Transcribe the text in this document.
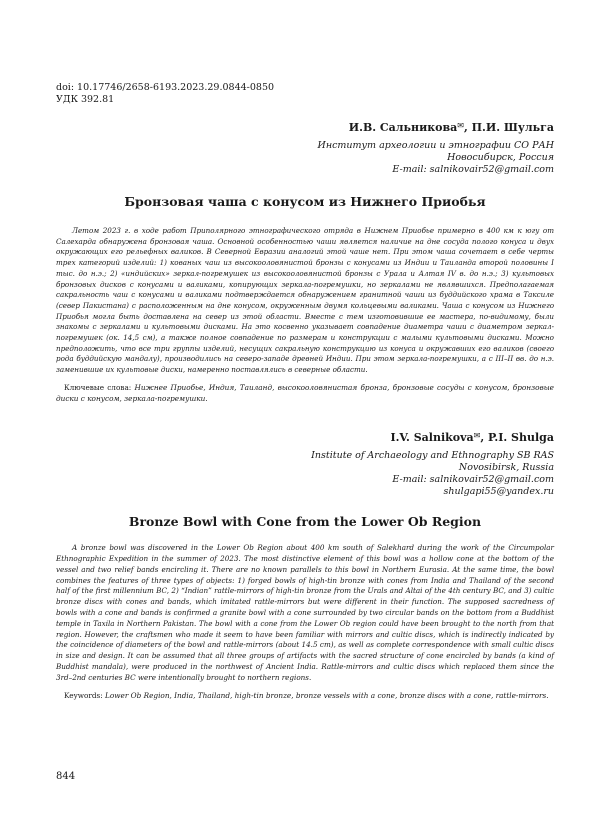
doi: 10.17746/2658-6193.2023.29.0844-0850
УДК 392.81
И.В. Сальникова✉, П.И. Шульга
Институт археологии и этнографии СО РАН
Новосибирск, Россия
E-mail: salnikovair52@gmail.com
Бронзовая чаша с конусом из Нижнего Приобья
Летом 2023 г. в ходе работ Приполярного этнографического отряда в Нижнем Приобье примерно в 400 км к югу от Салехарда обнаружена бронзовая чаша. Основной особенностью чаши является наличие на дне сосуда полого конуса и двух окружающих его рельефных валиков. В Северной Евразии аналогий этой чаше нет. При этом чаша сочетает в себе черты трех категорий изделий: 1) кованых чаш из высокооловянистой бронзы с конусами из Индии и Таиланда второй половины I тыс. до н.э.; 2) «индийских» зеркал-погремушек из высокооловянистой бронзы с Урала и Алтая IV в. до н.э.; 3) культовых бронзовых дисков с конусами и валиками, копирующих зеркала-погремушки, но зеркалами не являвшихся. Предполагаемая сакральность чаш с конусами и валиками подтверждается обнаружением гранитной чаши из буддийского храма в Таксиле (север Пакистана) с расположенным на дне конусом, окруженным двумя кольцевыми валиками. Чаша с конусом из Нижнего Приобья могла быть доставлена на север из этой области. Вместе с тем изготовившие ее мастера, по-видимому, были знакомы с зеркалами и культовыми дисками. На это косвенно указывает совпадение диаметра чаши с диаметром зеркал-погремушек (ок. 14,5 см), а также полное совпадение по размерам и конструкции с малыми культовыми дисками. Можно предположить, что все три группы изделий, несущих сакральную конструкцию из конуса и окружавших его валиков (своего рода буддийскую мандалу), производились на северо-западе древней Индии. При этом зеркала-погремушки, а с III–II вв. до н.э. заменившие их культовые диски, намеренно поставлялись в северные области.
Ключевые слова: Нижнее Приобье, Индия, Таиланд, высокооловянистая бронза, бронзовые сосуды с конусом, бронзовые диски с конусом, зеркала-погремушки.
I.V. Salnikova✉, P.I. Shulga
Institute of Archaeology and Ethnography SB RAS
Novosibirsk, Russia
E-mail: salnikovair52@gmail.com
shulgapi55@yandex.ru
Bronze Bowl with Cone from the Lower Ob Region
A bronze bowl was discovered in the Lower Ob Region about 400 km south of Salekhard during the work of the Circumpolar Ethnographic Expedition in the summer of 2023. The most distinctive element of this bowl was a hollow cone at the bottom of the vessel and two relief bands encircling it. There are no known parallels to this bowl in Northern Eurasia. At the same time, the bowl combines the features of three types of objects: 1) forged bowls of high-tin bronze with cones from India and Thailand of the second half of the first millennium BC, 2) “Indian” rattle-mirrors of high-tin bronze from the Urals and Altai of the 4th century BC, and 3) cultic bronze discs with cones and bands, which imitated rattle-mirrors but were different in their function. The supposed sacredness of bowls with a cone and bands is confirmed a granite bowl with a cone surrounded by two circular bands on the bottom from a Buddhist temple in Taxila in Northern Pakistan. The bowl with a cone from the Lower Ob region could have been brought to the north from that region. However, the craftsmen who made it seem to have been familiar with mirrors and cultic discs, which is indirectly indicated by the coincidence of diameters of the bowl and rattle-mirrors (about 14.5 cm), as well as complete correspondence with small cultic discs in size and design. It can be assumed that all three groups of artifacts with the sacred structure of cone encircled by bands (a kind of Buddhist mandala), were produced in the northwest of Ancient India. Rattle-mirrors and cultic discs which replaced them since the 3rd–2nd centuries BC were intentionally brought to northern regions.
Keywords: Lower Ob Region, India, Thailand, high-tin bronze, bronze vessels with a cone, bronze discs with a cone, rattle-mirrors.
844
